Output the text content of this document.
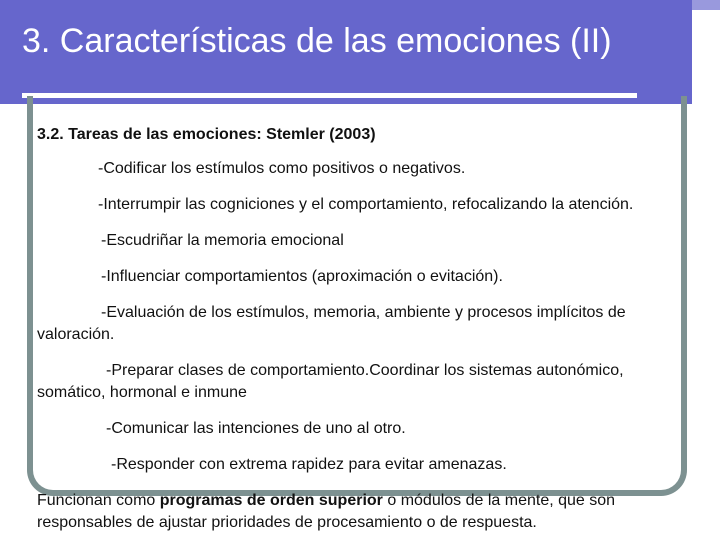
3. Características de las emociones (II)

3.2. Tareas de las emociones: Stemler (2003)

-Codificar los estímulos como positivos o negativos.

-Interrumpir las cogniciones y el comportamiento, refocalizando la atención.

-Escudriñar la memoria emocional

-Influenciar comportamientos (aproximación o evitación).

-Evaluación de los estímulos, memoria, ambiente y procesos implícitos de valoración.

-Preparar clases de comportamiento.Coordinar los sistemas autonómico, somático, hormonal e inmune

-Comunicar las intenciones de uno al otro.

-Responder con extrema rapidez para evitar amenazas.

Funcionan como programas de orden superior o módulos de la mente, que son responsables de ajustar prioridades de procesamiento o de respuesta.
